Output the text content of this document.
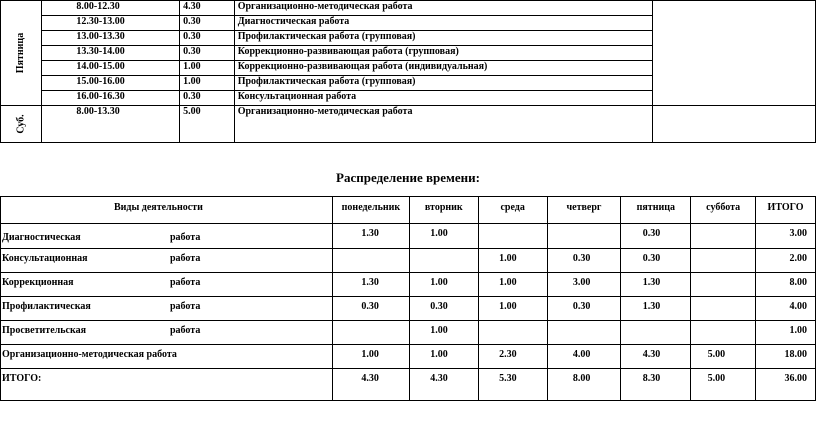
Пятница	8.00-12.30	4.30	Организационно-методическая работа	
	12.30-13.00	0.30	Диагностическая работа	
	13.00-13.30	0.30	Профилактическая работа (групповая)	
	13.30-14.00	0.30	Коррекционно-развивающая работа (групповая)	
	14.00-15.00	1.00	Коррекционно-развивающая работа (индивидуальная)	
	15.00-16.00	1.00	Профилактическая работа (групповая)	
	16.00-16.30	0.30	Консультационная работа	
Суб.	8.00-13.30	5.00	Организационно-методическая работа	
Распределение времени:
Виды деятельности	понедельник	вторник	среда	четверг	пятница	суббота	ИТОГО
Диагностическая работа	1.30	1.00			0.30		3.00
Консультационная работа			1.00	0.30	0.30		2.00
Коррекционная работа	1.30	1.00	1.00	3.00	1.30		8.00
Профилактическая работа	0.30	0.30	1.00	0.30	1.30		4.00
Просветительская работа		1.00					1.00
Организационно-методическая работа	1.00	1.00	2.30	4.00	4.30	5.00	18.00
ИТОГО:	4.30	4.30	5.30	8.00	8.30	5.00	36.00
